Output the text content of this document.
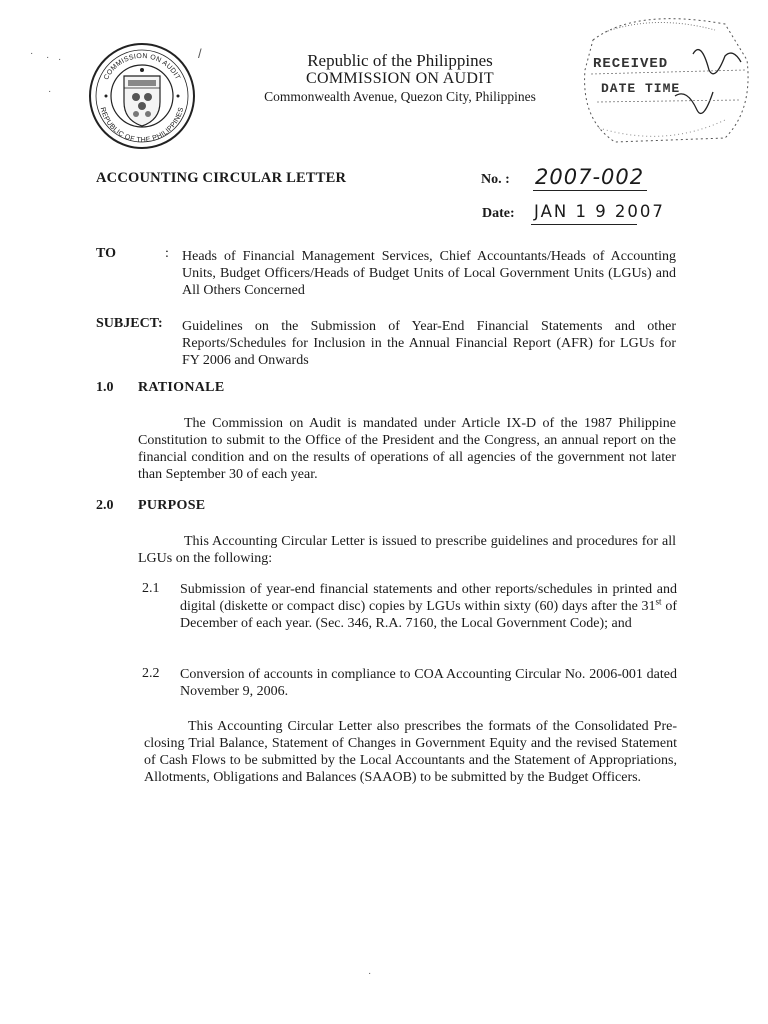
· · ·
·
·
COMMISSION ON AUDIT
REPUBLIC OF THE PHILIPPINES
/	Republic of the Philippines
COMMISSION ON AUDIT
Commonwealth Avenue, Quezon City, Philippines
RECEIVED
DATE TIME
ACCOUNTING CIRCULAR LETTER	No. : 2007-002
Date: JAN 1 9 2007
TO	: Heads of Financial Management Services, Chief Accountants/Heads of Accounting Units, Budget Officers/Heads of Budget Units of Local Government Units (LGUs) and All Others Concerned
SUBJECT: Guidelines on the Submission of Year-End Financial Statements and other Reports/Schedules for Inclusion in the Annual Financial Report (AFR) for LGUs for FY 2006 and Onwards
1.0 RATIONALE
The Commission on Audit is mandated under Article IX-D of the 1987 Philippine Constitution to submit to the Office of the President and the Congress, an annual report on the financial condition and on the results of operations of all agencies of the government not later than September 30 of each year.
2.0 PURPOSE
This Accounting Circular Letter is issued to prescribe guidelines and procedures for all LGUs on the following:
2.1 Submission of year-end financial statements and other reports/schedules in printed and digital (diskette or compact disc) copies by LGUs within sixty (60) days after the 31st of December of each year. (Sec. 346, R.A. 7160, the Local Government Code); and
2.2 Conversion of accounts in compliance to COA Accounting Circular No. 2006-001 dated November 9, 2006.
This Accounting Circular Letter also prescribes the formats of the Consolidated Pre-closing Trial Balance, Statement of Changes in Government Equity and the revised Statement of Cash Flows to be submitted by the Local Accountants and the Statement of Appropriations, Allotments, Obligations and Balances (SAAOB) to be submitted by the Budget Officers.
